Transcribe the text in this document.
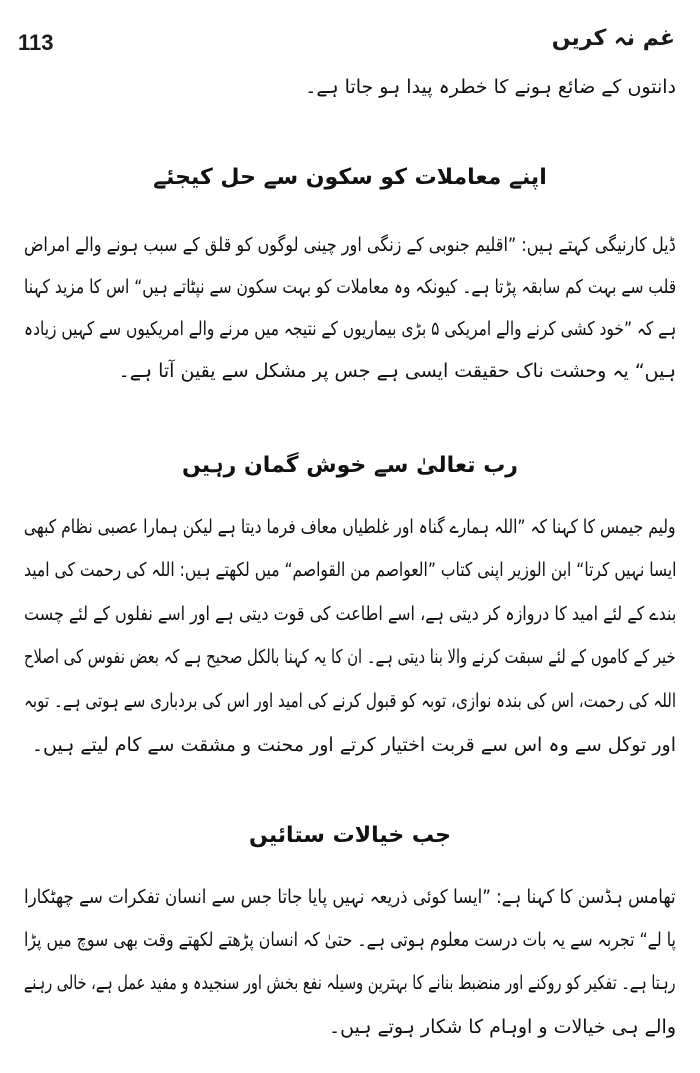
113	غم نہ کریں
دانتوں کے ضائع ہونے کا خطرہ پیدا ہو جاتا ہے۔
اپنے معاملات کو سکون سے حل کیجئے
ڈیل کارنیگی کہتے ہیں: ”اقلیم جنوبی کے زنگی اور چینی لوگوں کو قلق کے سبب ہونے والے امراض
قلب سے بہت کم سابقہ پڑتا ہے۔ کیونکہ وہ معاملات کو بہت سکون سے نپٹاتے ہیں“ اس کا مزید کہنا
ہے کہ ”خود کشی کرنے والے امریکی ۵ بڑی بیماریوں کے نتیجہ میں مرنے والے امریکیوں سے کہیں زیادہ
ہیں“ یہ وحشت ناک حقیقت ایسی ہے جس پر مشکل سے یقین آتا ہے۔
رب تعالیٰ سے خوش گمان رہیں
ولیم جیمس کا کہنا کہ ”اللہ ہمارے گناہ اور غلطیاں معاف فرما دیتا ہے لیکن ہمارا عصبی نظام کبھی
ایسا نہیں کرتا“ ابن الوزیر اپنی کتاب ”العواصم من القواصم“ میں لکھتے ہیں: اللہ کی رحمت کی امید
بندے کے لئے امید کا دروازہ کر دیتی ہے، اسے اطاعت کی قوت دیتی ہے اور اسے نفلوں کے لئے چست
خیر کے کاموں کے لئے سبقت کرنے والا بنا دیتی ہے۔ ان کا یہ کہنا بالکل صحیح ہے کہ بعض نفوس کی اصلاح
اللہ کی رحمت، اس کی بندہ نوازی، توبہ کو قبول کرنے کی امید اور اس کی بردباری سے ہوتی ہے۔ توبہ
اور توکل سے وہ اس سے قربت اختیار کرتے اور محنت و مشقت سے کام لیتے ہیں۔
جب خیالات ستائیں
تھامس ہڈسن کا کہنا ہے: ”ایسا کوئی ذریعہ نہیں پایا جاتا جس سے انسان تفکرات سے چھٹکارا
پا لے“ تجربہ سے یہ بات درست معلوم ہوتی ہے۔ حتیٰ کہ انسان پڑھتے لکھتے وقت بھی سوچ میں پڑا
رہتا ہے۔ تفکیر کو روکنے اور منضبط بنانے کا بہترین وسیلہ نفع بخش اور سنجیدہ و مفید عمل ہے، خالی رہنے
والے ہی خیالات و اوہام کا شکار ہوتے ہیں۔
